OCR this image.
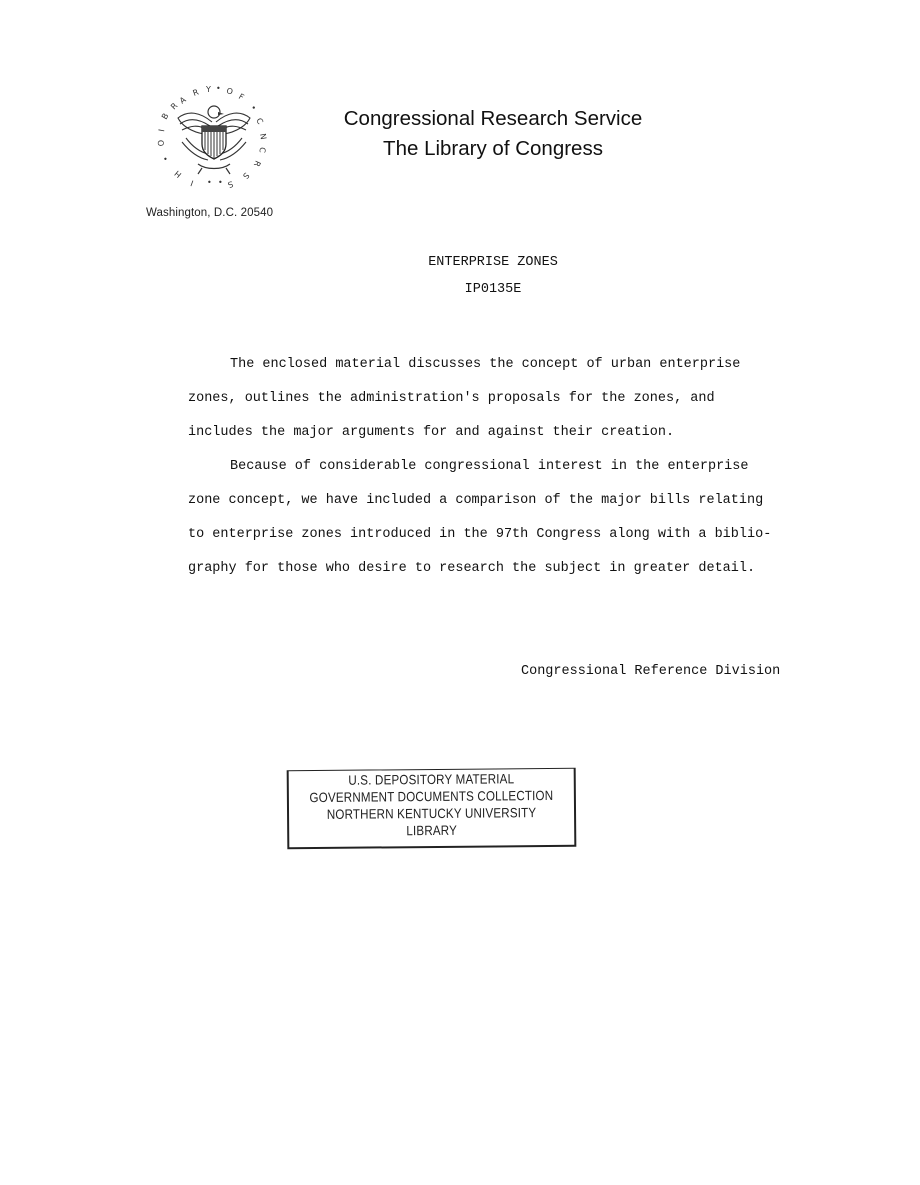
A
R Y • O
F
•
C
N
C
R
S
S
•
•
I
H
•
O
I
B
R
Washington, D.C. 20540
Congressional Research Service
The Library of Congress
ENTERPRISE ZONES
IP0135E
The enclosed material discusses the concept of urban enterprise
zones, outlines the administration's proposals for the zones, and
includes the major arguments for and against their creation.
Because of considerable congressional interest in the enterprise
zone concept, we have included a comparison of the major bills relating
to enterprise zones introduced in the 97th Congress along with a biblio-
graphy for those who desire to research the subject in greater detail.
Congressional Reference Division
U.S. DEPOSITORY MATERIAL
GOVERNMENT DOCUMENTS COLLECTION
NORTHERN KENTUCKY UNIVERSITY
LIBRARY
